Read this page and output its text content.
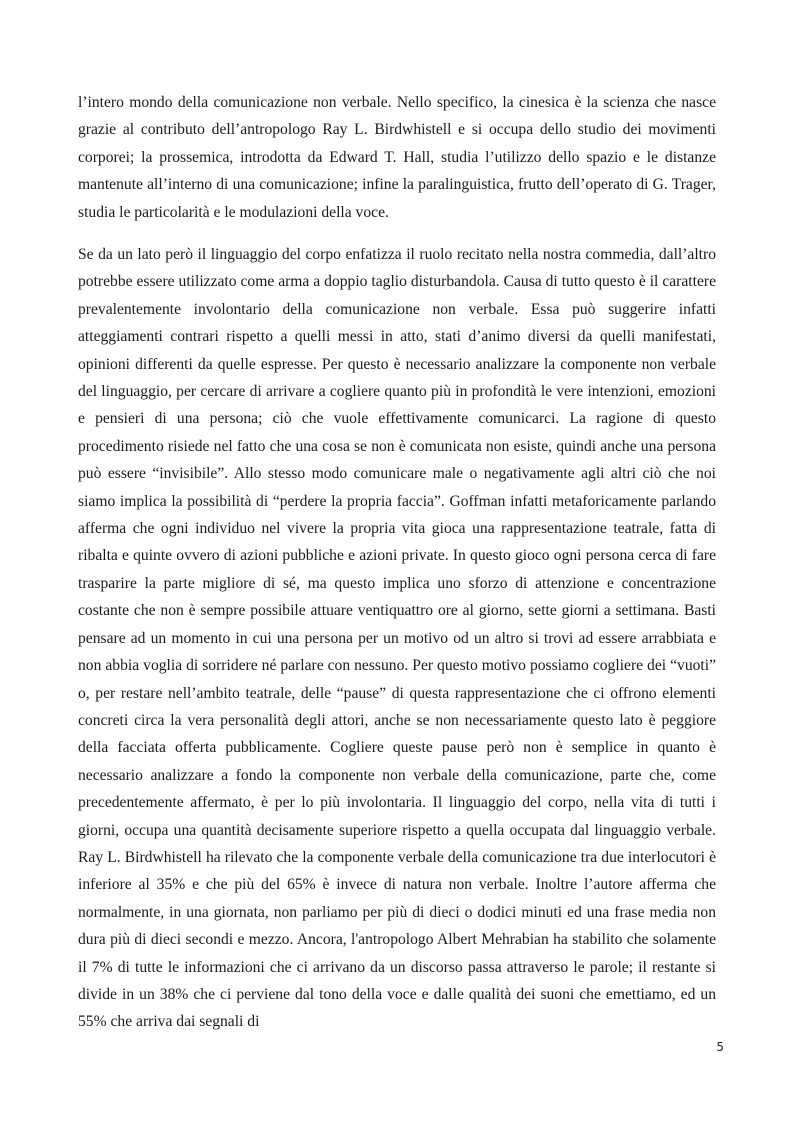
l’intero mondo della comunicazione non verbale. Nello specifico, la cinesica è la scienza che nasce grazie al contributo dell’antropologo Ray L. Birdwhistell e si occupa dello studio dei movimenti corporei; la prossemica, introdotta da Edward T. Hall, studia l’utilizzo dello spazio e le distanze mantenute all’interno di una comunicazione; infine la paralinguistica, frutto dell’operato di G. Trager, studia le particolarità e le modulazioni della voce.

Se da un lato però il linguaggio del corpo enfatizza il ruolo recitato nella nostra commedia, dall’altro potrebbe essere utilizzato come arma a doppio taglio disturbandola. Causa di tutto questo è il carattere prevalentemente involontario della comunicazione non verbale. Essa può suggerire infatti atteggiamenti contrari rispetto a quelli messi in atto, stati d’animo diversi da quelli manifestati, opinioni differenti da quelle espresse. Per questo è necessario analizzare la componente non verbale del linguaggio, per cercare di arrivare a cogliere quanto più in profondità le vere intenzioni, emozioni e pensieri di una persona; ciò che vuole effettivamente comunicarci. La ragione di questo procedimento risiede nel fatto che una cosa se non è comunicata non esiste, quindi anche una persona può essere “invisibile”. Allo stesso modo comunicare male o negativamente agli altri ciò che noi siamo implica la possibilità di “perdere la propria faccia”. Goffman infatti metaforicamente parlando afferma che ogni individuo nel vivere la propria vita gioca una rappresentazione teatrale, fatta di ribalta e quinte ovvero di azioni pubbliche e azioni private. In questo gioco ogni persona cerca di fare trasparire la parte migliore di sé, ma questo implica uno sforzo di attenzione e concentrazione costante che non è sempre possibile attuare ventiquattro ore al giorno, sette giorni a settimana. Basti pensare ad un momento in cui una persona per un motivo od un altro si trovi ad essere arrabbiata e non abbia voglia di sorridere né parlare con nessuno. Per questo motivo possiamo cogliere dei “vuoti” o, per restare nell’ambito teatrale, delle “pause” di questa rappresentazione che ci offrono elementi concreti circa la vera personalità degli attori, anche se non necessariamente questo lato è peggiore della facciata offerta pubblicamente. Cogliere queste pause però non è semplice in quanto è necessario analizzare a fondo la componente non verbale della comunicazione, parte che, come precedentemente affermato, è per lo più involontaria. Il linguaggio del corpo, nella vita di tutti i giorni, occupa una quantità decisamente superiore rispetto a quella occupata dal linguaggio verbale. Ray L. Birdwhistell ha rilevato che la componente verbale della comunicazione tra due interlocutori è inferiore al 35% e che più del 65% è invece di natura non verbale. Inoltre l’autore afferma che normalmente, in una giornata, non parliamo per più di dieci o dodici minuti ed una frase media non dura più di dieci secondi e mezzo. Ancora, l'antropologo Albert Mehrabian ha stabilito che solamente il 7% di tutte le informazioni che ci arrivano da un discorso passa attraverso le parole; il restante si divide in un 38% che ci perviene dal tono della voce e dalle qualità dei suoni che emettiamo, ed un 55% che arriva dai segnali di

5
